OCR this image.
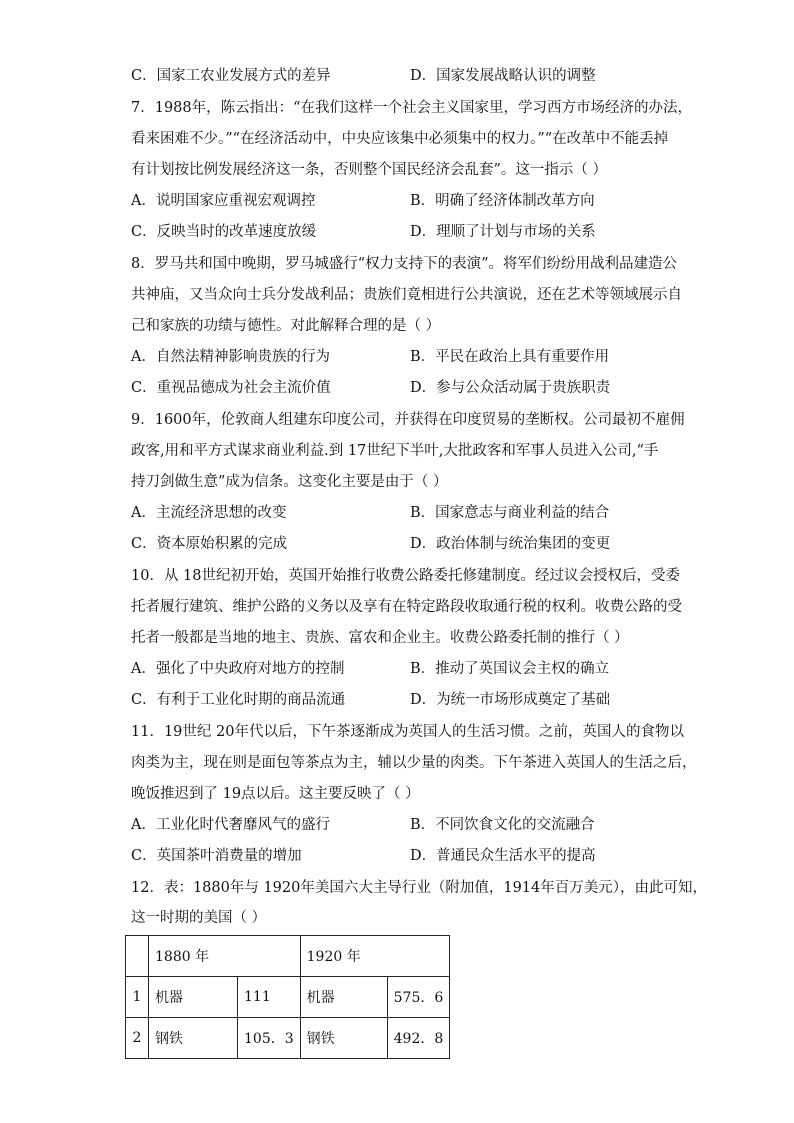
C．国家工农业发展方式的差异	D．国家发展战略认识的调整
7．1988年，陈云指出：“在我们这样一个社会主义国家里，学习西方市场经济的办法，
看来困难不少。”“在经济活动中，中央应该集中必须集中的权力。”“在改革中不能丢掉
有计划按比例发展经济这一条，否则整个国民经济会乱套”。这一指示（ ）
A．说明国家应重视宏观调控	B．明确了经济体制改革方向
C．反映当时的改革速度放缓	D．理顺了计划与市场的关系
8．罗马共和国中晚期，罗马城盛行“权力支持下的表演”。将军们纷纷用战利品建造公
共神庙，又当众向士兵分发战利品；贵族们竟相进行公共演说，还在艺术等领域展示自
己和家族的功绩与德性。对此解释合理的是（ ）
A．自然法精神影响贵族的行为	B．平民在政治上具有重要作用
C．重视品德成为社会主流价值	D．参与公众活动属于贵族职责
9．1600年，伦敦商人组建东印度公司，并获得在印度贸易的垄断权。公司最初不雇佣
政客,用和平方式谋求商业利益.到 17世纪下半叶,大批政客和军事人员进入公司,“手
持刀剑做生意”成为信条。这变化主要是由于（ ）
A．主流经济思想的改变	B．国家意志与商业利益的结合
C．资本原始积累的完成	D．政治体制与统治集团的变更
10．从 18世纪初开始，英国开始推行收费公路委托修建制度。经过议会授权后，受委
托者履行建筑、维护公路的义务以及享有在特定路段收取通行税的权利。收费公路的受
托者一般都是当地的地主、贵族、富农和企业主。收费公路委托制的推行（ ）
A．强化了中央政府对地方的控制	B．推动了英国议会主权的确立
C．有利于工业化时期的商品流通	D．为统一市场形成奠定了基础
11．19世纪 20年代以后，下午茶逐渐成为英国人的生活习惯。之前，英国人的食物以
肉类为主，现在则是面包等茶点为主，辅以少量的肉类。下午茶进入英国人的生活之后，
晚饭推迟到了 19点以后。这主要反映了（ ）
A．工业化时代奢靡风气的盛行	B．不同饮食文化的交流融合
C．英国茶叶消费量的增加	D．普通民众生活水平的提高
12．表：1880年与 1920年美国六大主导行业（附加值，1914年百万美元），由此可知，
这一时期的美国（ ）
	1880 年		1920 年	
1	机器	111	机器	575．6
2	钢铁	105．3	钢铁	492．8
